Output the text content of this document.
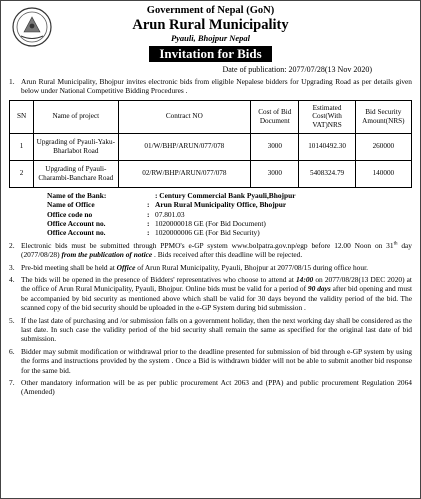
Government of Nepal (GoN)
Arun Rural Municipality
Pyauli, Bhojpur Nepal
Invitation for Bids
Date of publication: 2077/07/28(13 Nov 2020)
1. Arun Rural Municipality, Bhojpur invites electronic bids from eligible Nepalese bidders for Upgrading Road as per details given below under National Competitive Bidding Procedures .
SN	Name of project	Contract NO	Cost of Bid Document	Estimated Cost(With VAT)NRS	Bid Security Amount(NRS)
1	Upgrading of Pyauli-Yaku-Bharlabot Road	01/W/BHP/ARUN/077/078	3000	10140492.30	260000
2	Upgrading of Pyauli-Charambi-Banchare Road	02/RW/BHP/ARUN/077/078	3000	5408324.79	140000
Name of the Bank:	: Century Commercial Bank Pyauli,Bhojpur
Name of Office	: Arun Rural Municipality Office, Bhojpur
Office code no	: 07.801.03
Office Account no.	: 1020000018 GE (For Bid Document)
Office Account no.	: 1020000006 GE (For Bid Security)
2. Electronic bids must be submitted through PPMO's e-GP system www.bolpatra.gov.np/egp before 12.00 Noon on 31th day (2077/08/28) from the publication of notice . Bids received after this deadline will be rejected.
3. Pre-bid meeting shall be held at Office of Arun Rural Municipality, Pyauli, Bhojpur at 2077/08/15 during office hour.
4. The bids will be opened in the presence of Bidders' representatives who choose to attend at 14:00 on 2077/08/28(13 DEC 2020) at the office of Arun Rural Municipality, Pyauli, Bhojpur. Online bids must be valid for a period of 90 days after bid opening and must be accompanied by bid security as mentioned above which shall be valid for 30 days beyond the validity period of the bid. The scanned copy of the bid security should be uploaded in the e-GP System during bid submission .
5. If the last date of purchasing and /or submission falls on a government holiday, then the next working day shall be considered as the last date. In such case the validity period of the bid security shall remain the same as specified for the original last date of bid submission.
6. Bidder may submit modification or withdrawal prior to the deadline presented for submission of bid through e-GP system by using the forms and instructions provided by the system . Once a Bid is withdrawn bidder will not be able to submit another bid response for the same bid.
7. Other mandatory information will be as per public procurement Act 2063 and (PPA) and public procurement Regulation 2064 (Amended)
